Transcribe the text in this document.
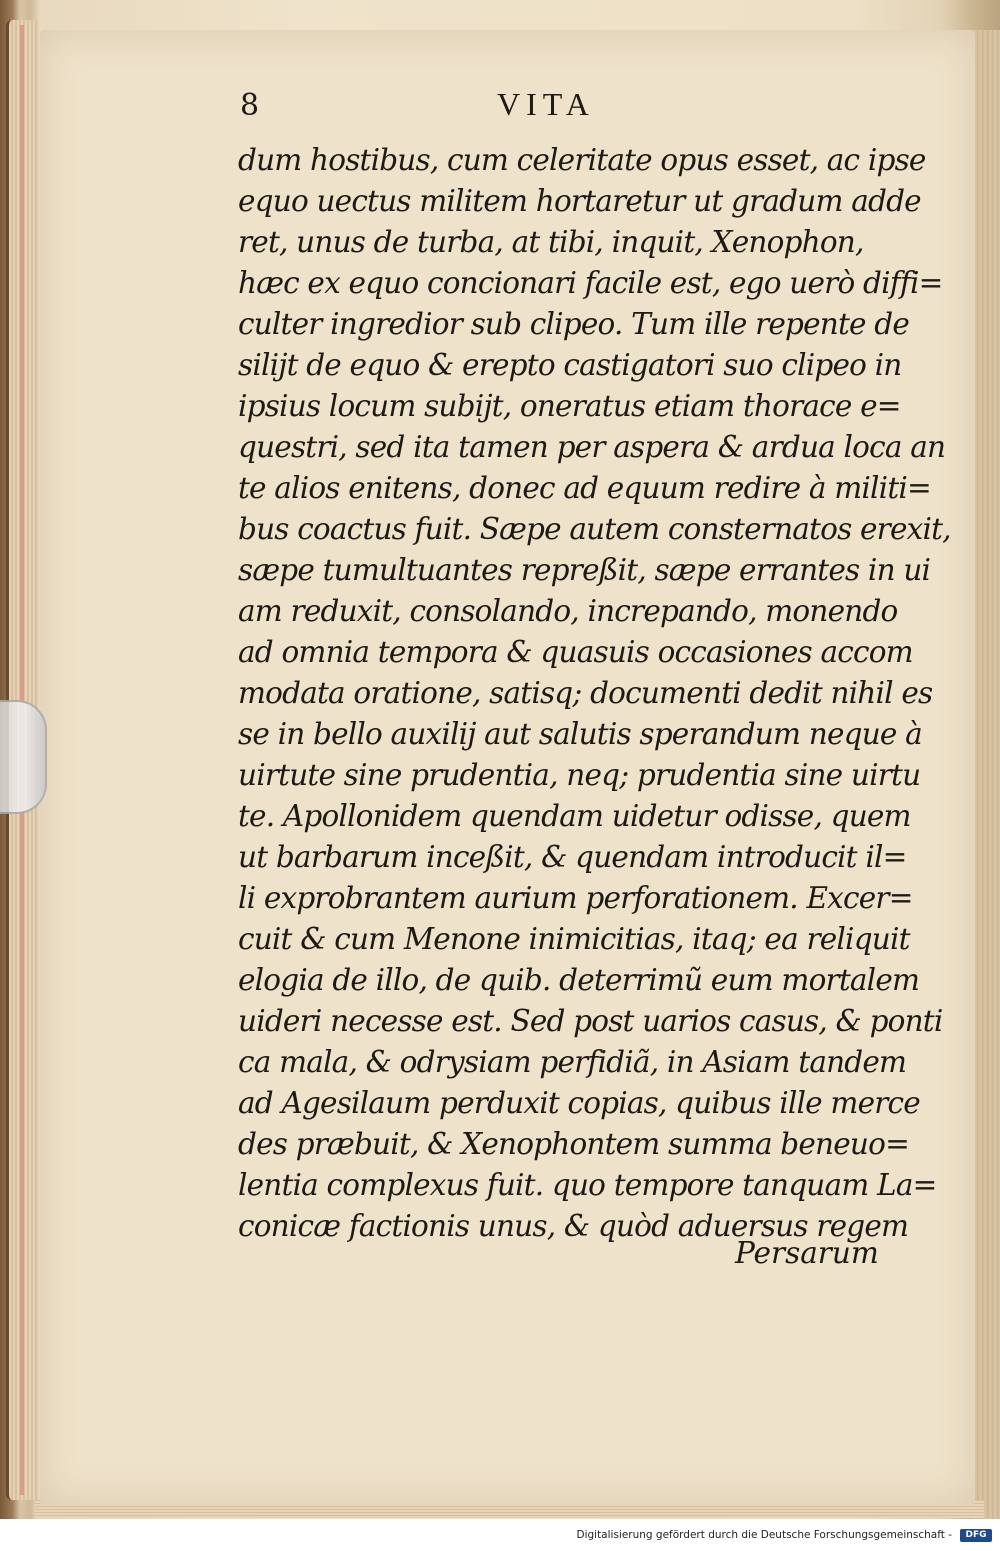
8	VITA
dum hostibus, cum celeritate opus esset, ac ipse
equo uectus militem hortaretur ut gradum adde
ret, unus de turba, at tibi, inquit, Xenophon,
hæc ex equo concionari facile est, ego uerò diffi=
culter ingredior sub clipeo. Tum ille repente de
silijt de equo & erepto castigatori suo clipeo in
ipsius locum subijt, oneratus etiam thorace e=
questri, sed ita tamen per aspera & ardua loca an
te alios enitens, donec ad equum redire à militi=
bus coactus fuit. Sæpe autem consternatos erexit,
sæpe tumultuantes repreßit, sæpe errantes in ui
am reduxit, consolando, increpando, monendo
ad omnia tempora & quasuis occasiones accom
modata oratione, satisq; documenti dedit nihil es
se in bello auxilij aut salutis sperandum neque à
uirtute sine prudentia, neq; prudentia sine uirtu
te. Apollonidem quendam uidetur odisse, quem
ut barbarum inceßit, & quendam introducit il=
li exprobrantem aurium perforationem. Excer=
cuit & cum Menone inimicitias, itaq; ea reliquit
elogia de illo, de quib. deterrimũ eum mortalem
uideri necesse est. Sed post uarios casus, & ponti
ca mala, & odrysiam perfidiã, in Asiam tandem
ad Agesilaum perduxit copias, quibus ille merce
des præbuit, & Xenophontem summa beneuo=
lentia complexus fuit. quo tempore tanquam La=
conicæ factionis unus, & quòd aduersus regem
Persarum
Digitalisierung gefördert durch die Deutsche Forschungsgemeinschaft -	DFG
